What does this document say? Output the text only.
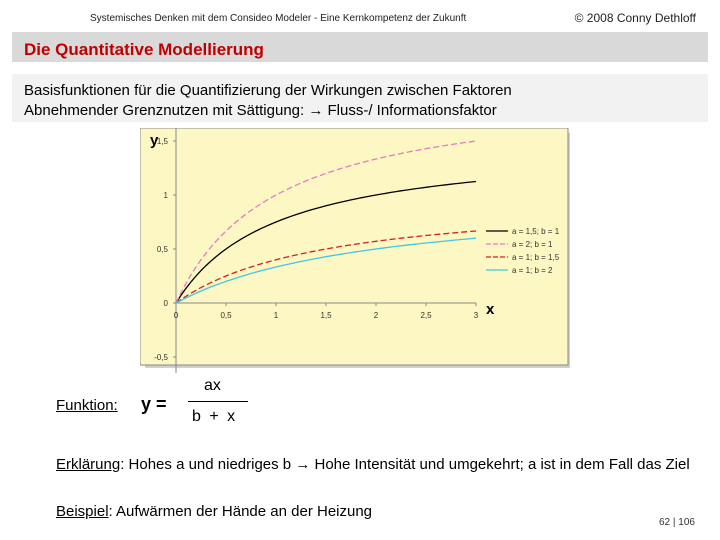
Systemisches Denken mit dem Consideo Modeler - Eine Kernkompetenz der Zukunft	© 2008 Conny Dethloff
Die Quantitative Modellierung
Basisfunktionen für die Quantifizierung der Wirkungen zwischen Faktoren
Abnehmender Grenznutzen mit Sättigung: → Fluss-/ Informationsfaktor
-0,5
0
0,5
1
1,5
0	0,5	1	1,5	2	2,5	3
y
x
a = 1,5; b = 1
a = 2; b = 1
a = 1; b = 1,5
a = 1; b = 2
Funktion: y =
ax
b + x
Erklärung: Hohes a und niedriges b → Hohe Intensität und umgekehrt; a ist in dem Fall das Ziel
Beispiel: Aufwärmen der Hände an der Heizung
62 | 106
